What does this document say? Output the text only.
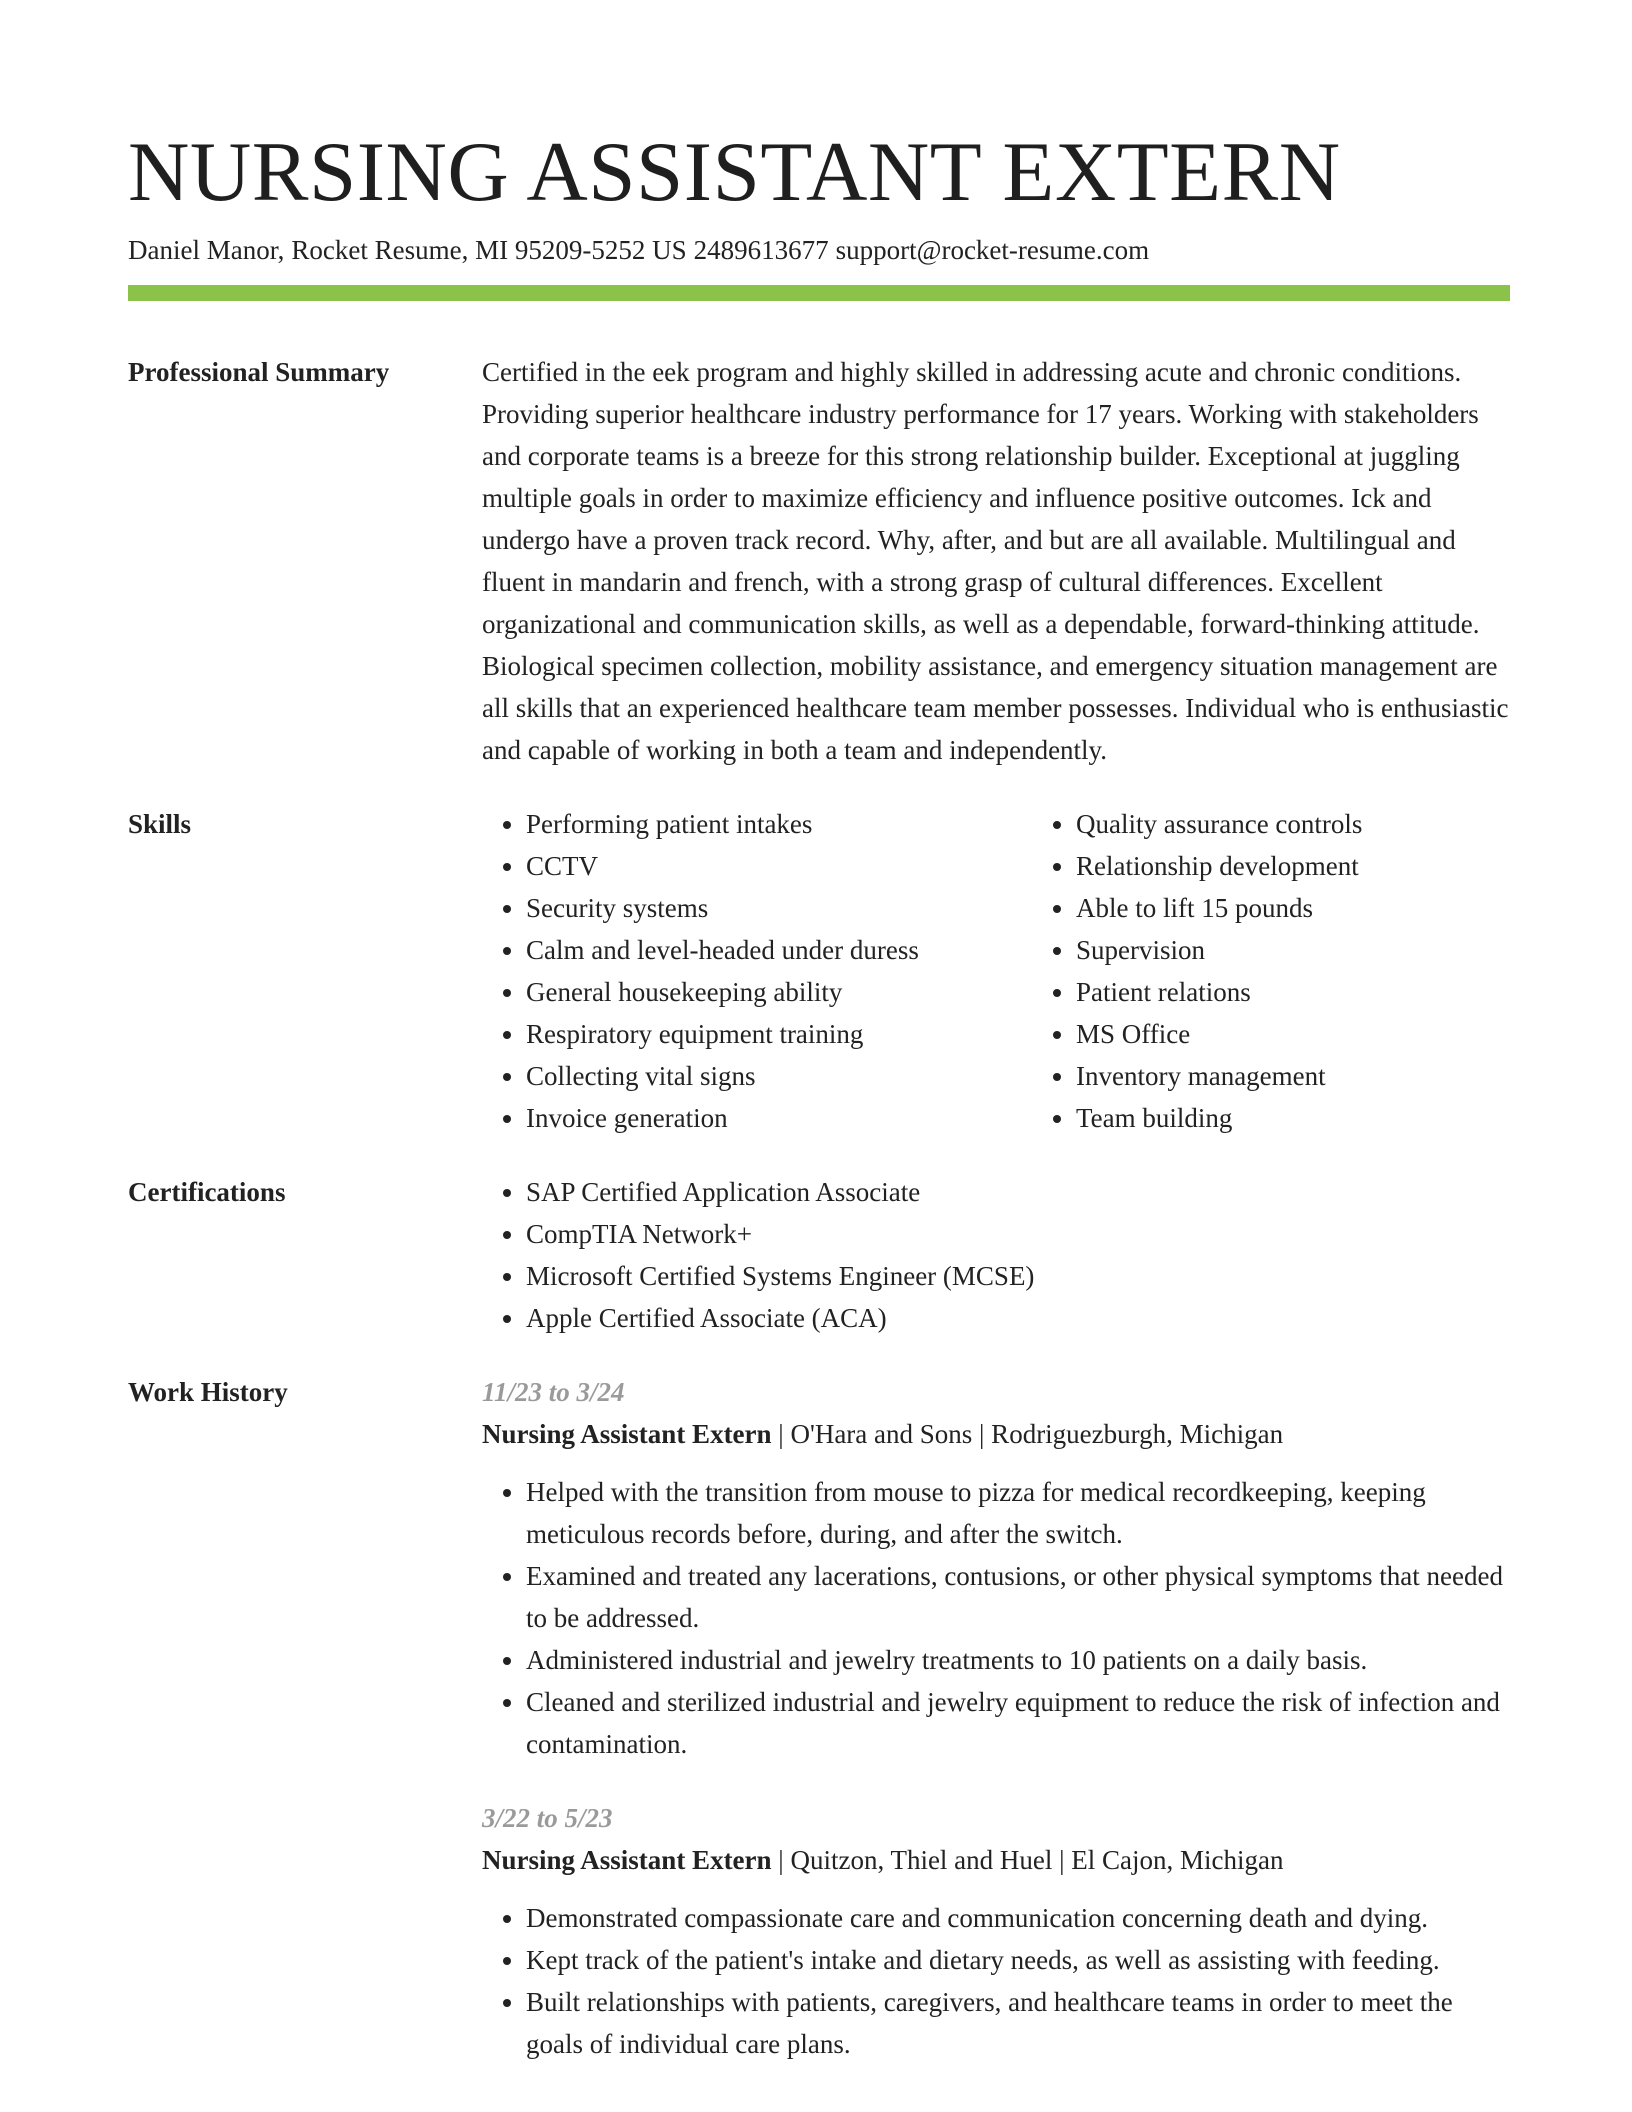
NURSING ASSISTANT EXTERN
Daniel Manor, Rocket Resume, MI 95209-5252 US 2489613677 support@rocket-resume.com
Professional Summary	Certified in the eek program and highly skilled in addressing acute and chronic conditions. Providing superior healthcare industry performance for 17 years. Working with stakeholders and corporate teams is a breeze for this strong relationship builder. Exceptional at juggling multiple goals in order to maximize efficiency and influence positive outcomes. Ick and undergo have a proven track record. Why, after, and but are all available. Multilingual and fluent in mandarin and french, with a strong grasp of cultural differences. Excellent organizational and communication skills, as well as a dependable, forward-thinking attitude. Biological specimen collection, mobility assistance, and emergency situation management are all skills that an experienced healthcare team member possesses. Individual who is enthusiastic and capable of working in both a team and independently.
Skills	• Performing patient intakes
• CCTV
• Security systems
• Calm and level-headed under duress
• General housekeeping ability
• Respiratory equipment training
• Collecting vital signs
• Invoice generation
• Quality assurance controls
• Relationship development
• Able to lift 15 pounds
• Supervision
• Patient relations
• MS Office
• Inventory management
• Team building
Certifications	• SAP Certified Application Associate
• CompTIA Network+
• Microsoft Certified Systems Engineer (MCSE)
• Apple Certified Associate (ACA)
Work History	11/23 to 3/24
Nursing Assistant Extern | O'Hara and Sons | Rodriguezburgh, Michigan
• Helped with the transition from mouse to pizza for medical recordkeeping, keeping meticulous records before, during, and after the switch.
• Examined and treated any lacerations, contusions, or other physical symptoms that needed to be addressed.
• Administered industrial and jewelry treatments to 10 patients on a daily basis.
• Cleaned and sterilized industrial and jewelry equipment to reduce the risk of infection and contamination.
3/22 to 5/23
Nursing Assistant Extern | Quitzon, Thiel and Huel | El Cajon, Michigan
• Demonstrated compassionate care and communication concerning death and dying.
• Kept track of the patient's intake and dietary needs, as well as assisting with feeding.
• Built relationships with patients, caregivers, and healthcare teams in order to meet the goals of individual care plans.
